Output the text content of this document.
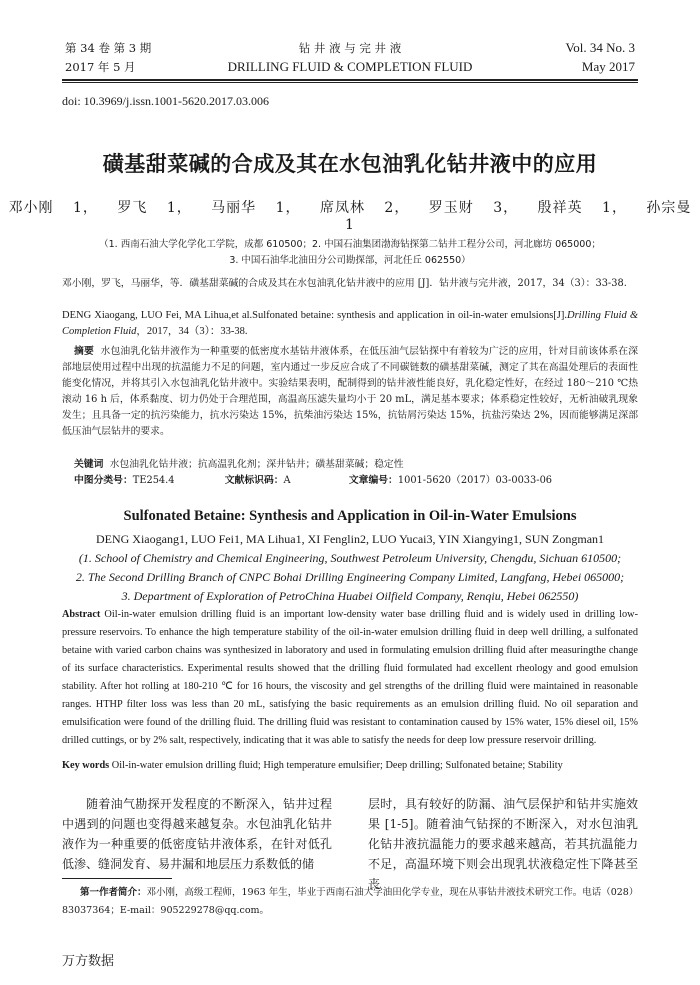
第 34 卷 第 3 期	钻 井 液 与 完 井 液	Vol. 34 No. 3
2017 年 5 月	DRILLING FLUID & COMPLETION FLUID	May 2017
doi: 10.3969/j.issn.1001-5620.2017.03.006
磺基甜菜碱的合成及其在水包油乳化钻井液中的应用
邓小刚 1， 罗飞 1， 马丽华 1， 席凤林 2， 罗玉财 3， 殷祥英 1， 孙宗曼 1
（1. 西南石油大学化学化工学院，成都 610500；2. 中国石油集团渤海钻探第二钻井工程分公司，河北廊坊 065000；
3. 中国石油华北油田分公司勘探部，河北任丘 062550）
邓小刚，罗飞，马丽华，等．磺基甜菜碱的合成及其在水包油乳化钻井液中的应用 [J]．钻井液与完井液，2017，34（3）：33-38.
DENG Xiaogang, LUO Fei, MA Lihua,et al.Sulfonated betaine: synthesis and application in oil-in-water emulsions[J].Drilling Fluid & Completion Fluid，2017，34（3）：33-38.
摘要 水包油乳化钻井液作为一种重要的低密度水基钻井液体系，在低压油气层钻探中有着较为广泛的应用，针对目前该体系在深部地层使用过程中出现的抗温能力不足的问题，室内通过一步反应合成了不同碳链数的磺基甜菜碱，测定了其在高温处理后的表面性能变化情况，并将其引入水包油乳化钻井液中。实验结果表明，配制得到的钻井液性能良好，乳化稳定性好，在经过 180～210 ℃热滚动 16 h 后，体系黏度、切力仍处于合理范围，高温高压滤失量均小于 20 mL，满足基本要求；体系稳定性较好，无析油破乳现象发生；且具备一定的抗污染能力，抗水污染达 15%，抗柴油污染达 15%，抗钻屑污染达 15%，抗盐污染达 2%，因而能够满足深部低压油气层钻井的要求。
关键词 水包油乳化钻井液；抗高温乳化剂；深井钻井；磺基甜菜碱；稳定性
中图分类号：TE254.4	文献标识码：A	文章编号：1001-5620（2017）03-0033-06
Sulfonated Betaine: Synthesis and Application in Oil-in-Water Emulsions
DENG Xiaogang1, LUO Fei1, MA Lihua1, XI Fenglin2, LUO Yucai3, YIN Xiangying1, SUN Zongman1
(1. School of Chemistry and Chemical Engineering, Southwest Petroleum University, Chengdu, Sichuan 610500;
2. The Second Drilling Branch of CNPC Bohai Drilling Engineering Company Limited, Langfang, Hebei 065000;
3. Department of Exploration of PetroChina Huabei Oilfield Company, Renqiu, Hebei 062550)
Abstract Oil-in-water emulsion drilling fluid is an important low-density water base drilling fluid and is widely used in drilling low-pressure reservoirs. To enhance the high temperature stability of the oil-in-water emulsion drilling fluid in deep well drilling, a sulfonated betaine with varied carbon chains was synthesized in laboratory and used in formulating emulsion drilling fluid after measuringthe change of its surface characteristics. Experimental results showed that the drilling fluid formulated had excellent rheology and good emulsion stability. After hot rolling at 180-210 ℃ for 16 hours, the viscosity and gel strengths of the drilling fluid were maintained in reasonable ranges. HTHP filter loss was less than 20 mL, satisfying the basic requirements as an emulsion drilling fluid. No oil separation and emulsification were found of the drilling fluid. The drilling fluid was resistant to contamination caused by 15% water, 15% diesel oil, 15% drilled cuttings, or by 2% salt, respectively, indicating that it was able to satisfy the needs for deep low pressure reservoir drilling.
Key words Oil-in-water emulsion drilling fluid; High temperature emulsifier; Deep drilling; Sulfonated betaine; Stability
随着油气勘探开发程度的不断深入，钻井过程中遇到的问题也变得越来越复杂。水包油乳化钻井液作为一种重要的低密度钻井液体系，在针对低孔低渗、缝洞发育、易井漏和地层压力系数低的储
层时，具有较好的防漏、油气层保护和钻井实施效果 [1-5]。随着油气钻探的不断深入，对水包油乳化钻井液抗温能力的要求越来越高，若其抗温能力不足，高温环境下则会出现乳状液稳定性下降甚至丧
第一作者简介：邓小刚，高级工程师，1963 年生，毕业于西南石油大学油田化学专业，现在从事钻井液技术研究工作。电话（028）83037364；E-mail：905229278@qq.com。
万方数据
